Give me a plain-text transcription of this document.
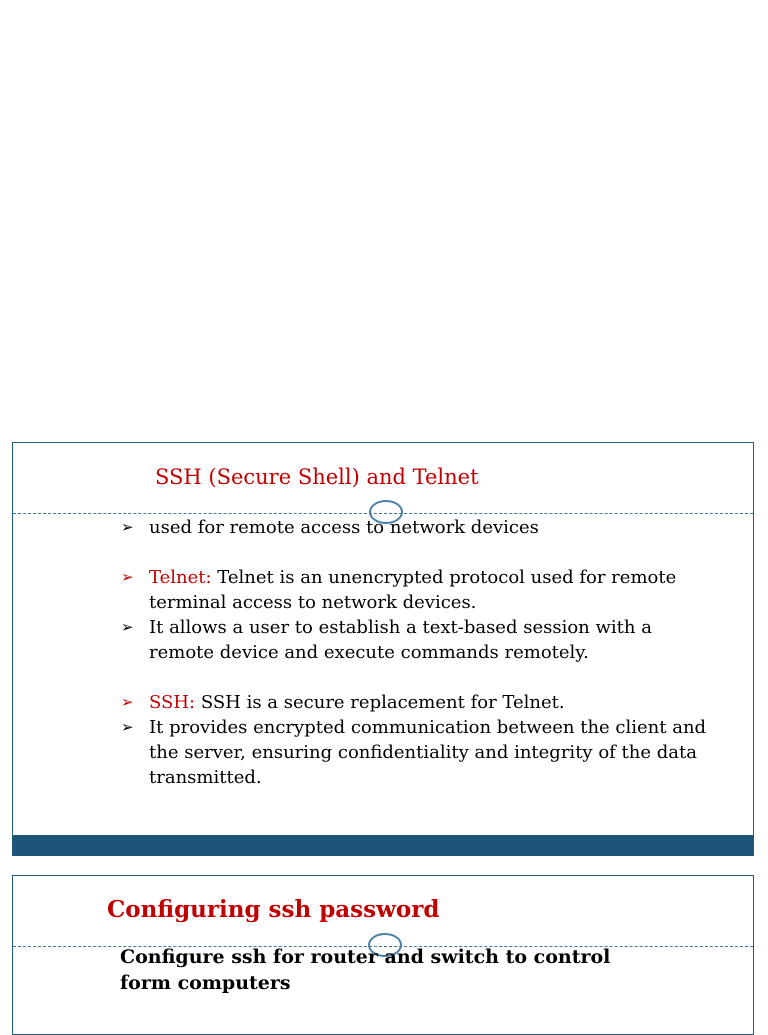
SSH (Secure Shell) and Telnet
➢ used for remote access to network devices
➢ Telnet: Telnet is an unencrypted protocol used for remote terminal access to network devices.
➢ It allows a user to establish a text-based session with a remote device and execute commands remotely.
➢ SSH: SSH is a secure replacement for Telnet.
➢ It provides encrypted communication between the client and the server, ensuring confidentiality and integrity of the data transmitted.
Configuring ssh password
Configure ssh for router and switch to control form computers
